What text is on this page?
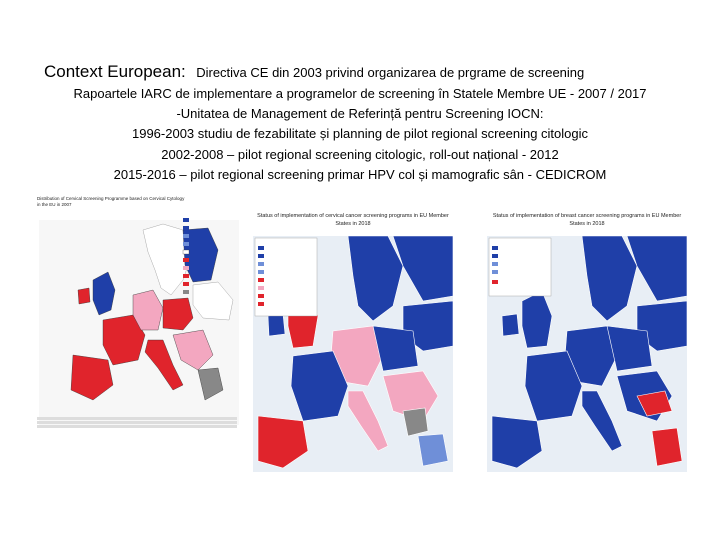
Context European: Directiva CE din 2003 privind organizarea de prgrame de screening
Rapoartele IARC de implementare a programelor de screening în Statele Membre UE - 2007 / 2017
-Unitatea de Management de Referință pentru Screening IOCN:
1996-2003 studiu de fezabilitate și planning de pilot regional screening citologic
2002-2008 – pilot regional screening citologic, roll-out național - 2012
2015-2016 – pilot regional screening primar HPV col și mamografic sân - CEDICROM
Distribution of Cervical Screening Programme based on Cervical Cytology in the EU in 2007
Status of implementation of cervical cancer screening programs in EU Member States in 2018
Status of implementation of breast cancer screening programs in EU Member States in 2018
